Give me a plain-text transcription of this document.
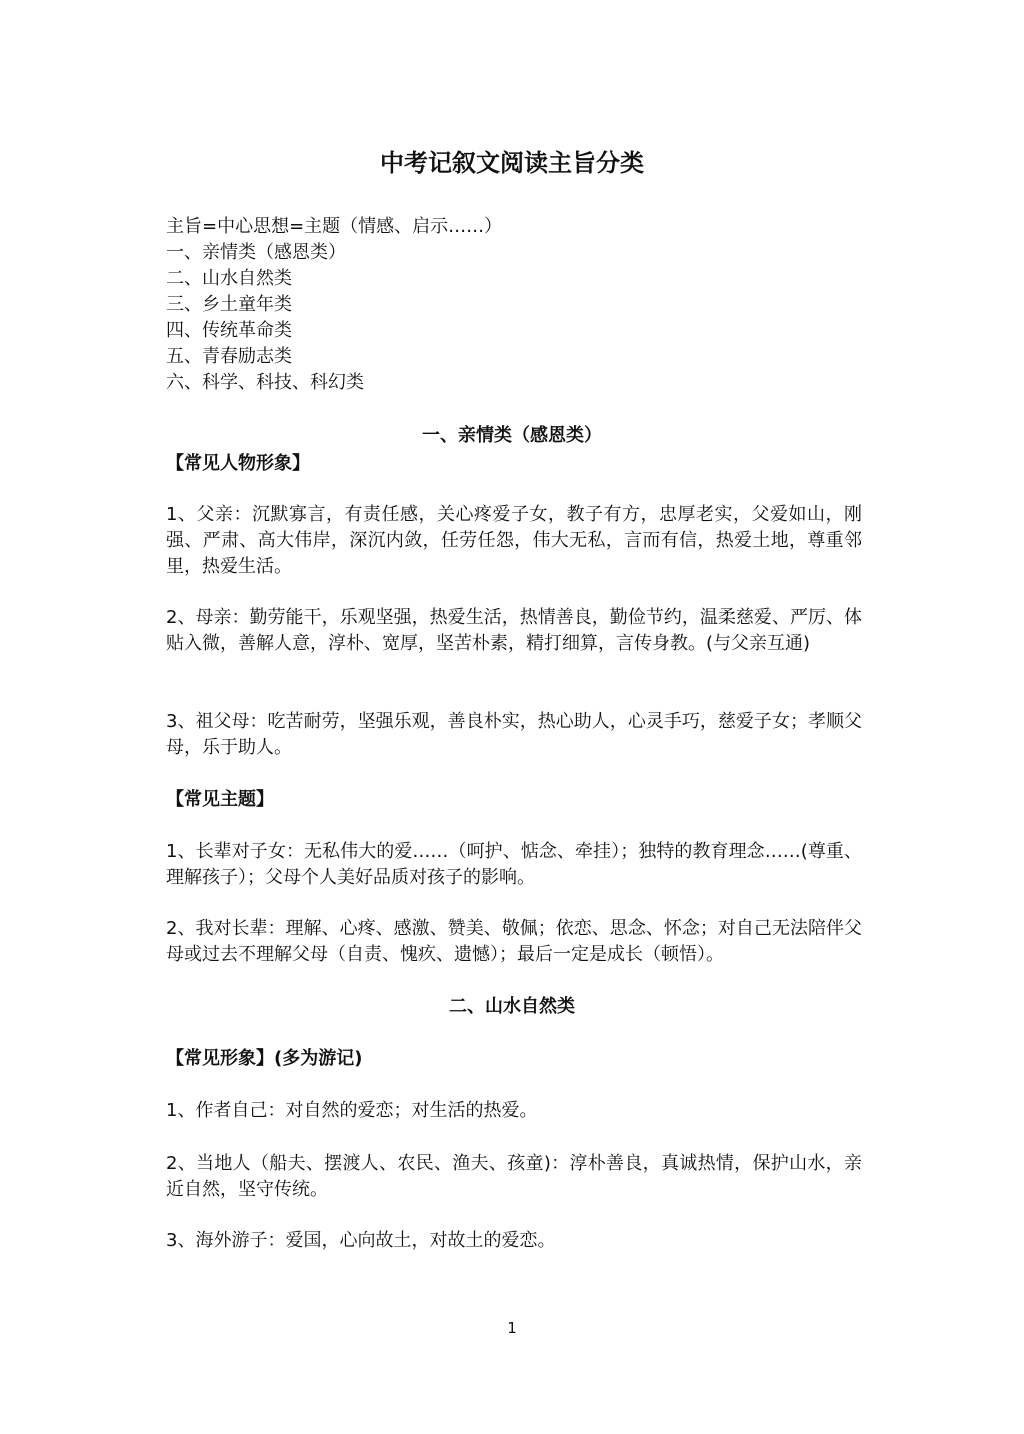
中考记叙文阅读主旨分类
主旨=中心思想=主题（情感、启示……）
一、亲情类（感恩类）
二、山水自然类
三、乡土童年类
四、传统革命类
五、青春励志类
六、科学、科技、科幻类
一、亲情类（感恩类）
【常见人物形象】
1、父亲：沉默寡言，有责任感，关心疼爱子女，教子有方，忠厚老实，父爱如山，刚强、严肃、高大伟岸，深沉内敛，任劳任怨，伟大无私，言而有信，热爱土地，尊重邻里，热爱生活。
2、母亲：勤劳能干，乐观坚强，热爱生活，热情善良，勤俭节约，温柔慈爱、严厉、体贴入微，善解人意，淳朴、宽厚，坚苦朴素，精打细算，言传身教。(与父亲互通)
3、祖父母：吃苦耐劳，坚强乐观，善良朴实，热心助人，心灵手巧，慈爱子女；孝顺父母，乐于助人。
【常见主题】
1、长辈对子女：无私伟大的爱……（呵护、惦念、牵挂）；独特的教育理念……(尊重、理解孩子）；父母个人美好品质对孩子的影响。
2、我对长辈：理解、心疼、感激、赞美、敬佩；依恋、思念、怀念；对自己无法陪伴父母或过去不理解父母（自责、愧疚、遗憾）；最后一定是成长（顿悟）。
二、山水自然类
【常见形象】(多为游记)
1、作者自己：对自然的爱恋；对生活的热爱。
2、当地人（船夫、摆渡人、农民、渔夫、孩童)：淳朴善良，真诚热情，保护山水，亲近自然，坚守传统。
3、海外游子：爱国，心向故土，对故土的爱恋。
1
